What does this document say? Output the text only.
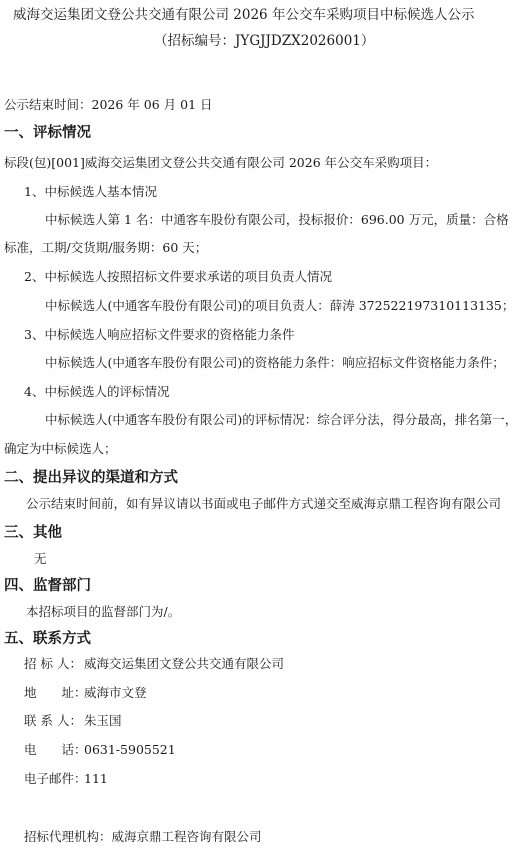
威海交运集团文登公共交通有限公司 2026 年公交车采购项目中标候选人公示
（招标编号：JYGJJDZX2026001）
公示结束时间：2026 年 06 月 01 日
一、评标情况
标段(包)[001]威海交运集团文登公共交通有限公司 2026 年公交车采购项目：
1、中标候选人基本情况
中标候选人第 1 名：中通客车股份有限公司，投标报价：696.00 万元，质量：合格
标准，工期/交货期/服务期：60 天；
2、中标候选人按照招标文件要求承诺的项目负责人情况
中标候选人(中通客车股份有限公司)的项目负责人：薛涛 372522197310113135；
3、中标候选人响应招标文件要求的资格能力条件
中标候选人(中通客车股份有限公司)的资格能力条件：响应招标文件资格能力条件；
4、中标候选人的评标情况
中标候选人(中通客车股份有限公司)的评标情况：综合评分法，得分最高，排名第一，
确定为中标候选人；
二、提出异议的渠道和方式
公示结束时间前，如有异议请以书面或电子邮件方式递交至威海京鼎工程咨询有限公司
三、其他
无
四、监督部门
本招标项目的监督部门为/。
五、联系方式
招 标 人： 威海交运集团文登公共交通有限公司
地　　址：威海市文登
联 系 人： 朱玉国
电　　话：0631-5905521
电子邮件：111
招标代理机构：威海京鼎工程咨询有限公司
